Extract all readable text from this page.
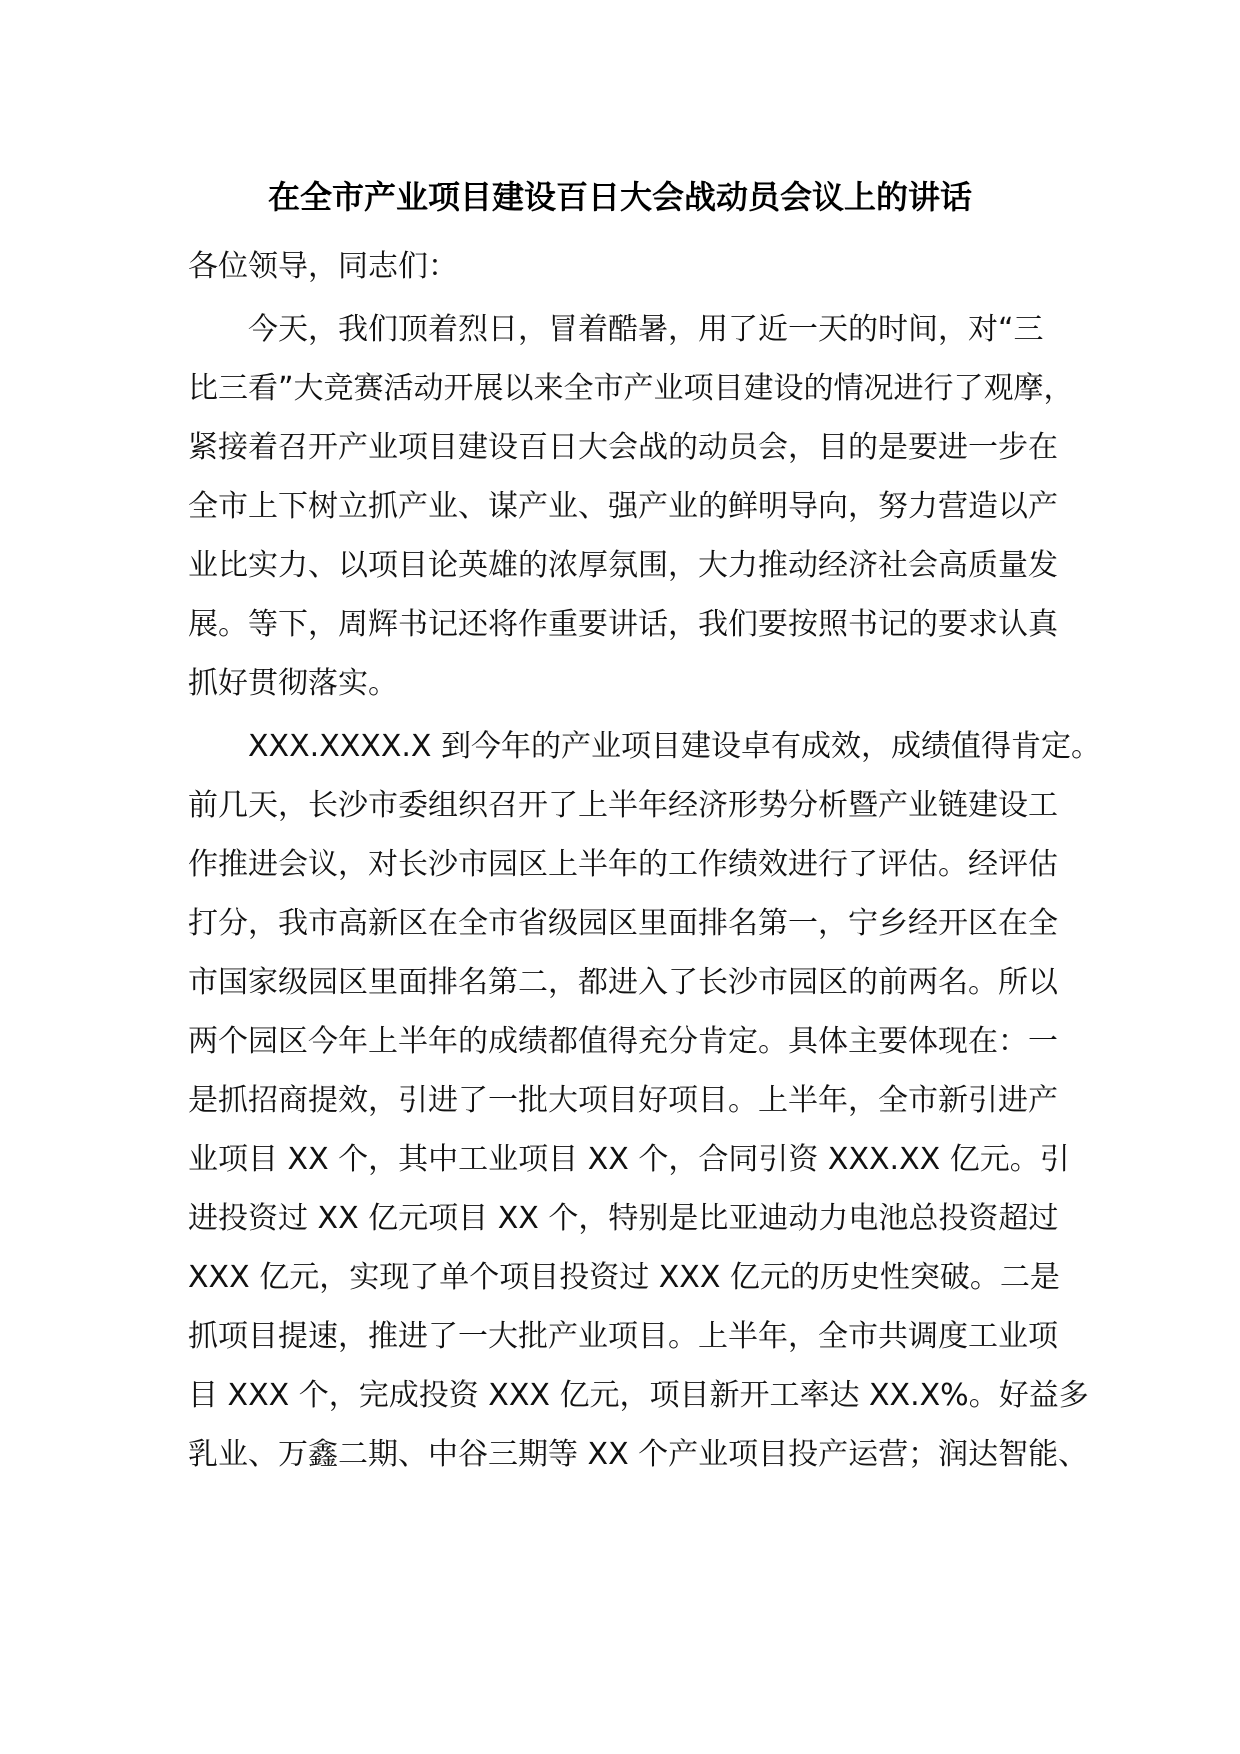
在全市产业项目建设百日大会战动员会议上的讲话
各位领导，同志们：
今天，我们顶着烈日，冒着酷暑，用了近一天的时间，对“三
比三看”大竞赛活动开展以来全市产业项目建设的情况进行了观摩，
紧接着召开产业项目建设百日大会战的动员会，目的是要进一步在
全市上下树立抓产业、谋产业、强产业的鲜明导向，努力营造以产
业比实力、以项目论英雄的浓厚氛围，大力推动经济社会高质量发
展。等下，周辉书记还将作重要讲话，我们要按照书记的要求认真
抓好贯彻落实。
XXX.XXXX.X 到今年的产业项目建设卓有成效，成绩值得肯定。
前几天，长沙市委组织召开了上半年经济形势分析暨产业链建设工
作推进会议，对长沙市园区上半年的工作绩效进行了评估。经评估
打分，我市高新区在全市省级园区里面排名第一，宁乡经开区在全
市国家级园区里面排名第二，都进入了长沙市园区的前两名。所以
两个园区今年上半年的成绩都值得充分肯定。具体主要体现在：一
是抓招商提效，引进了一批大项目好项目。上半年，全市新引进产
业项目 XX 个，其中工业项目 XX 个，合同引资 XXX.XX 亿元。引
进投资过 XX 亿元项目 XX 个，特别是比亚迪动力电池总投资超过
XXX 亿元，实现了单个项目投资过 XXX 亿元的历史性突破。二是
抓项目提速，推进了一大批产业项目。上半年，全市共调度工业项
目 XXX 个，完成投资 XXX 亿元，项目新开工率达 XX.X%。好益多
乳业、万鑫二期、中谷三期等 XX 个产业项目投产运营；润达智能、
